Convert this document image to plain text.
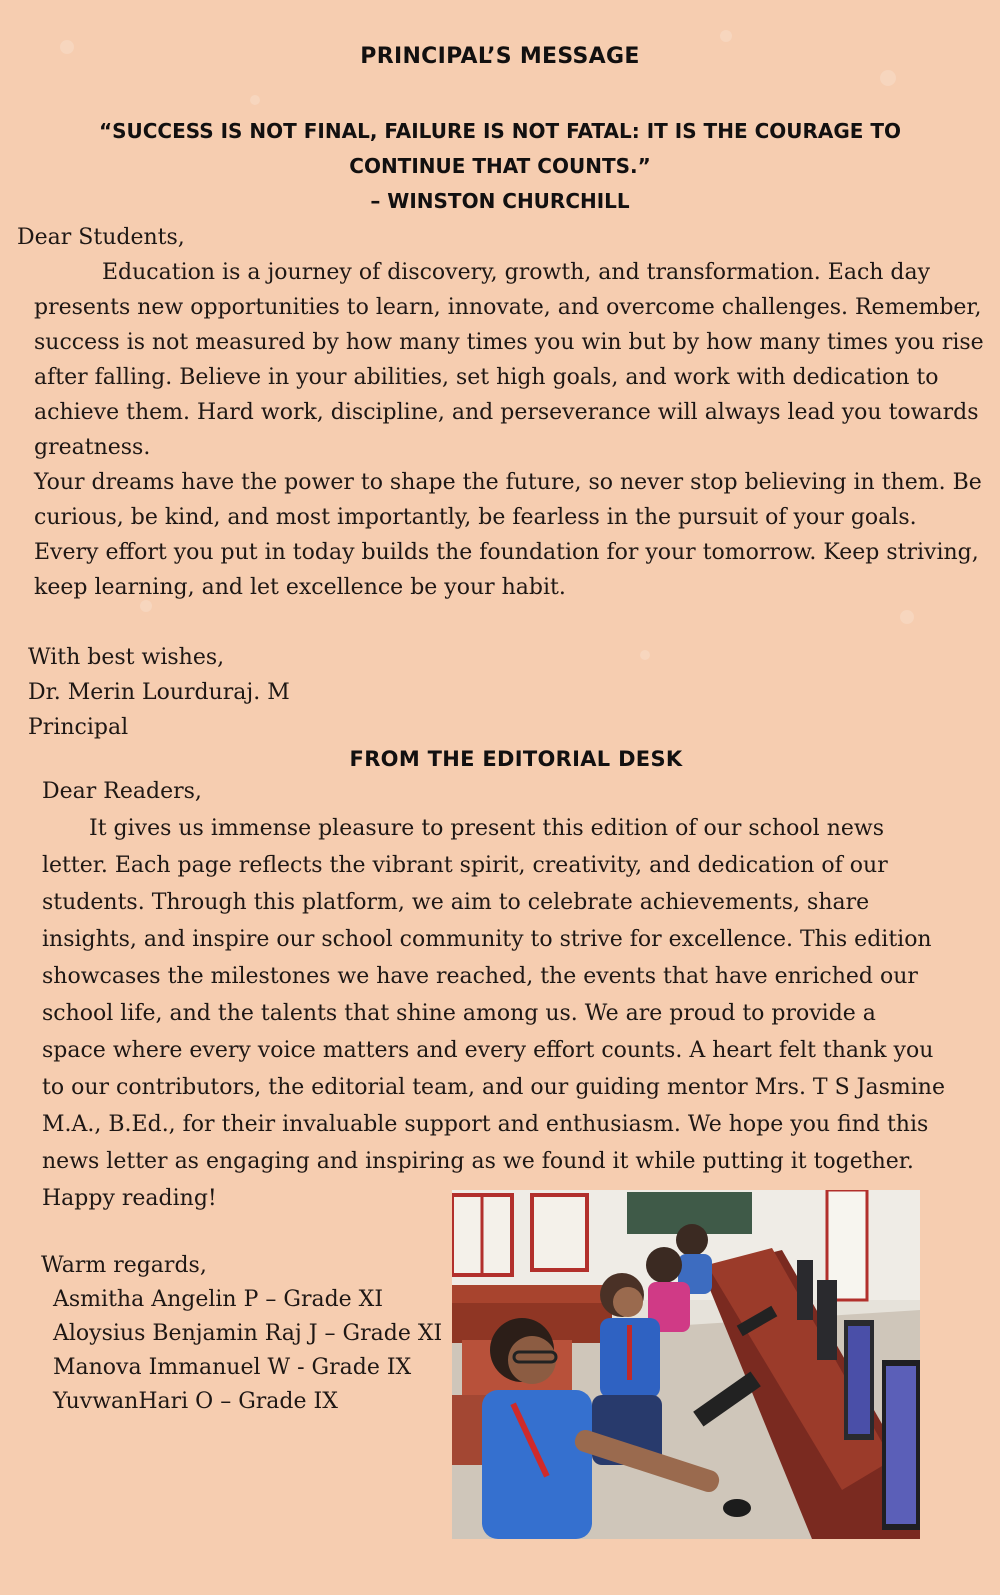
PRINCIPAL’S MESSAGE
“SUCCESS IS NOT FINAL, FAILURE IS NOT FATAL: IT IS THE COURAGE TO CONTINUE THAT COUNTS.”
– WINSTON CHURCHILL
Dear Students,

Education is a journey of discovery, growth, and transformation. Each day presents new opportunities to learn, innovate, and overcome challenges. Remember, success is not measured by how many times you win but by how many times you rise after falling. Believe in your abilities, set high goals, and work with dedication to achieve them. Hard work, discipline, and perseverance will always lead you towards greatness.

Your dreams have the power to shape the future, so never stop believing in them. Be curious, be kind, and most importantly, be fearless in the pursuit of your goals. Every effort you put in today builds the foundation for your tomorrow. Keep striving, keep learning, and let excellence be your habit.

With best wishes,
Dr. Merin Lourduraj. M
Principal
FROM THE EDITORIAL DESK
Dear Readers,
It gives us immense pleasure to present this edition of our school news
letter. Each page reflects the vibrant spirit, creativity, and dedication of our
students. Through this platform, we aim to celebrate achievements, share
insights, and inspire our school community to strive for excellence. This edition
showcases the milestones we have reached, the events that have enriched our
school life, and the talents that shine among us. We are proud to provide a
space where every voice matters and every effort counts. A heart felt thank you
to our contributors, the editorial team, and our guiding mentor Mrs. T S Jasmine
M.A., B.Ed., for their invaluable support and enthusiasm. We hope you find this
news letter as engaging and inspiring as we found it while putting it together.
Happy reading!
Warm regards,
Asmitha Angelin P – Grade XI
Aloysius Benjamin Raj J – Grade XI
Manova Immanuel W - Grade IX
YuvwanHari O – Grade IX
